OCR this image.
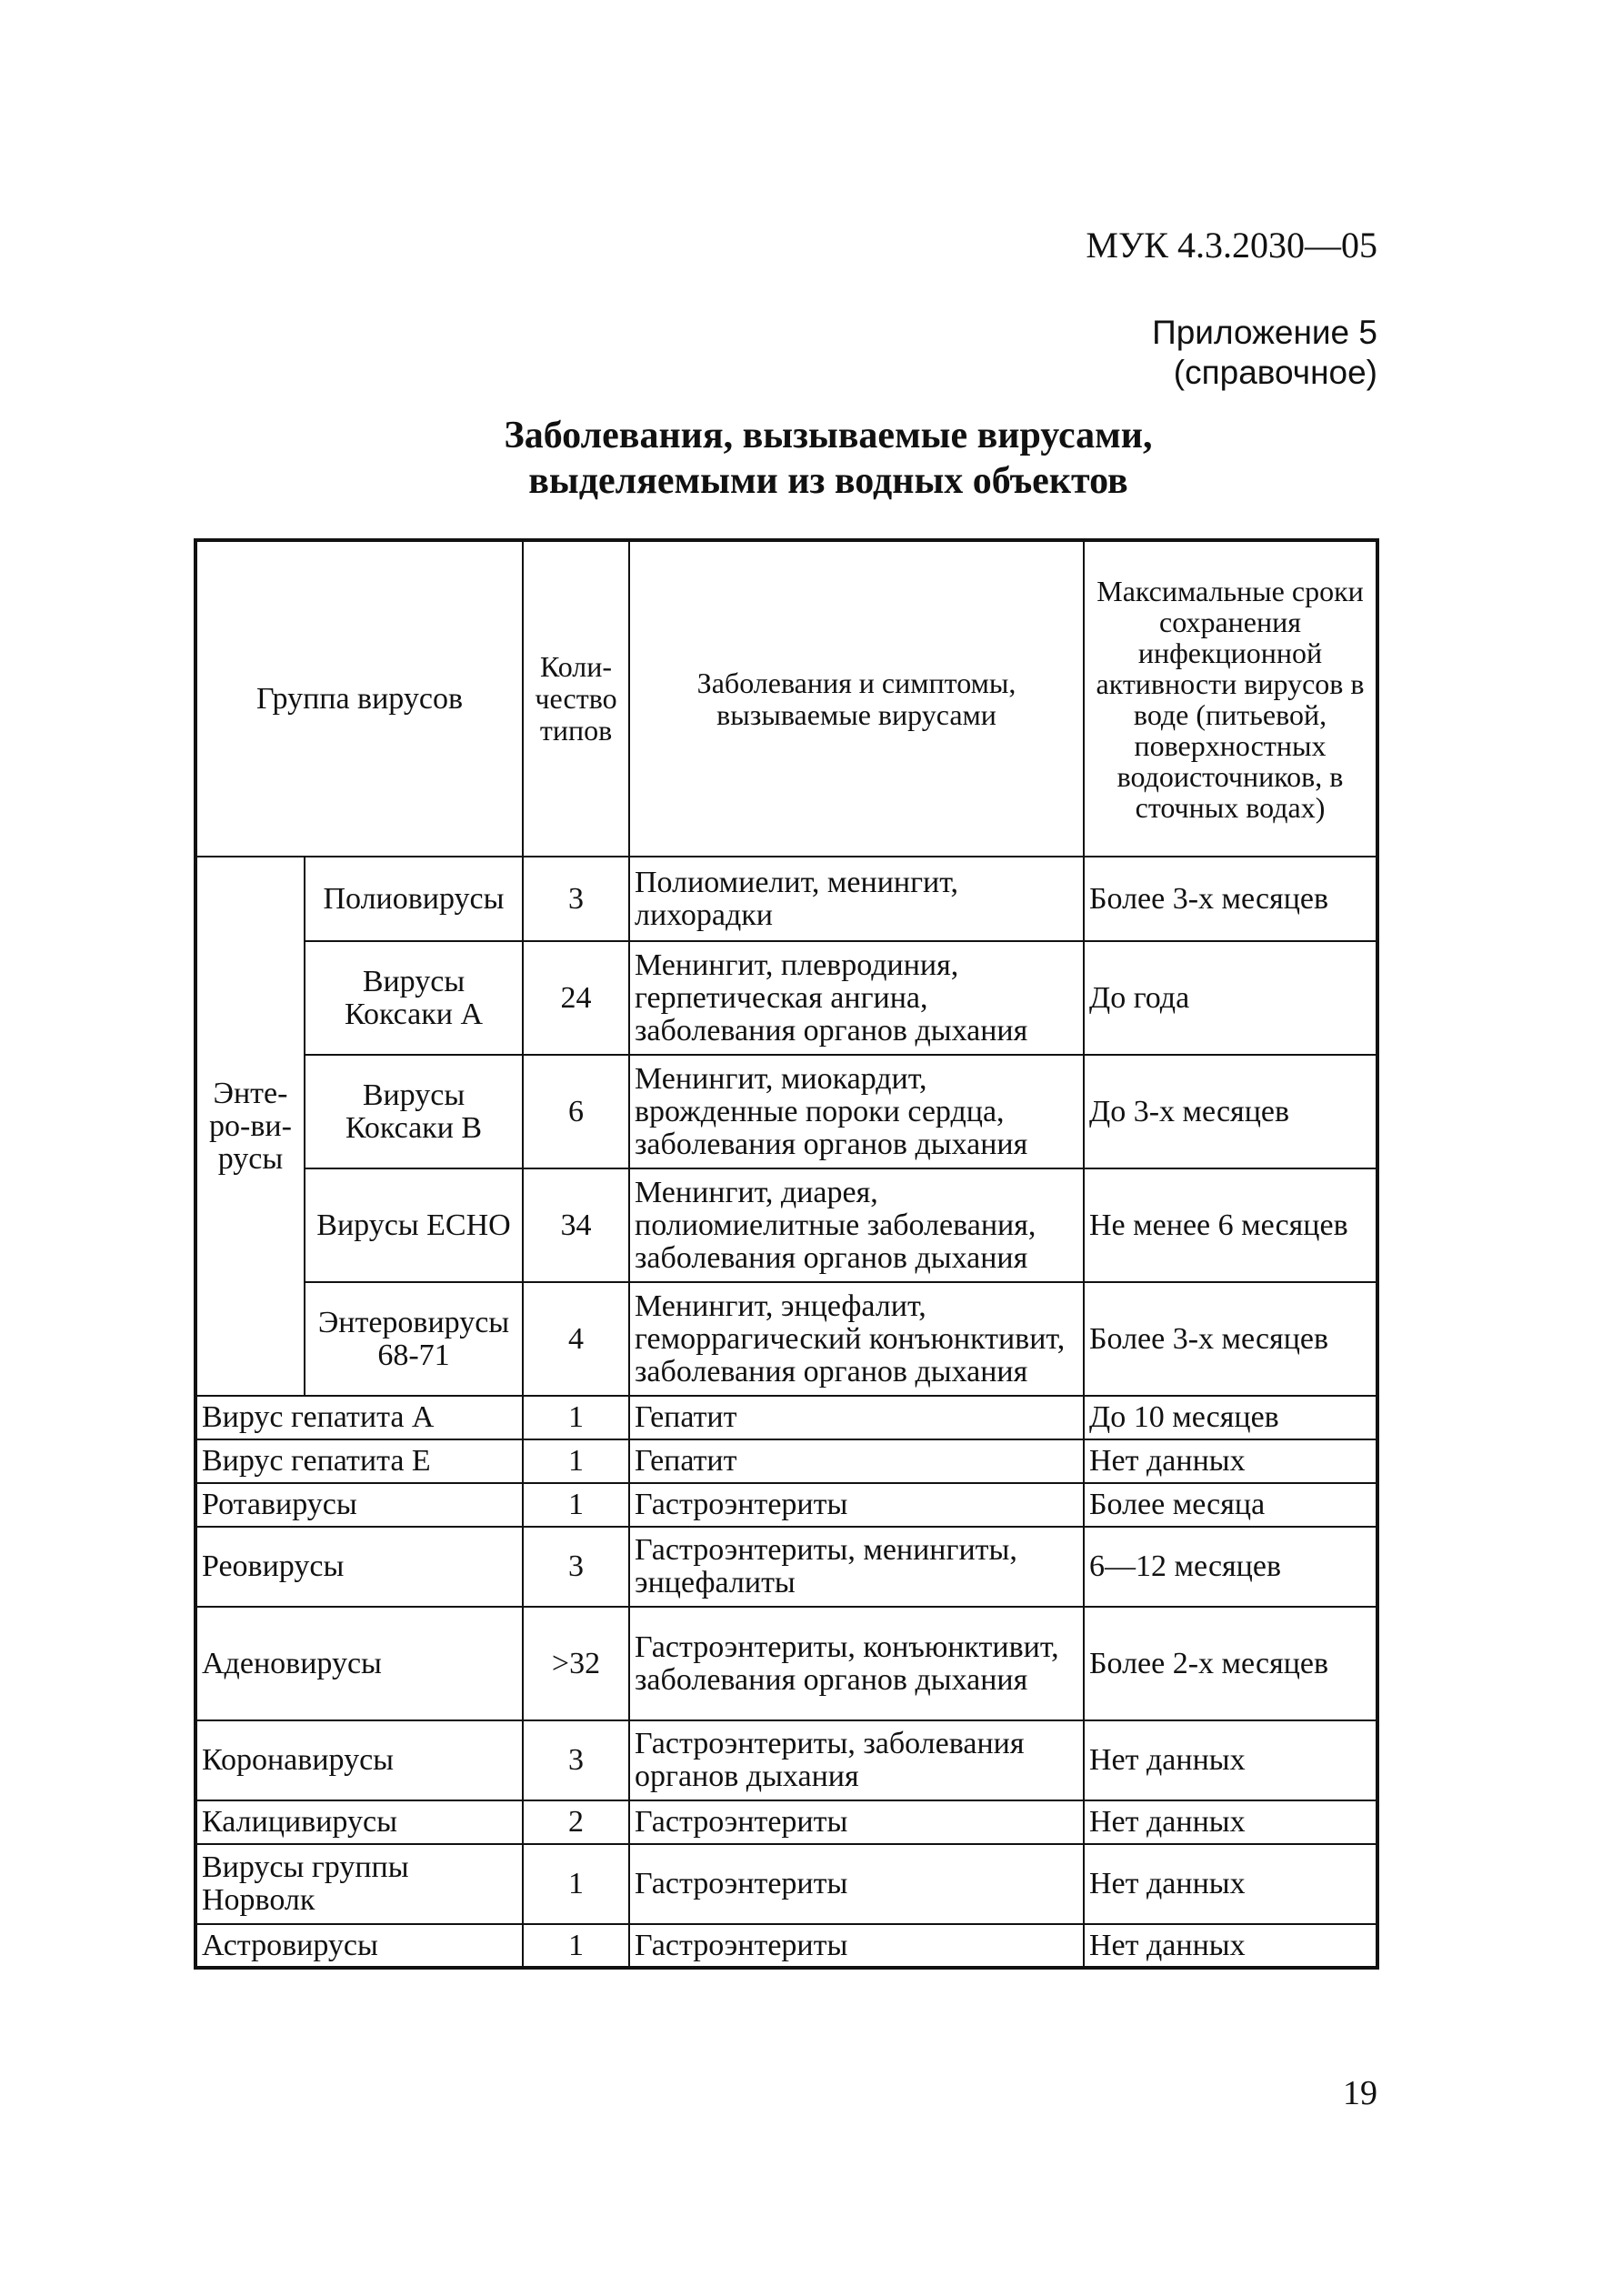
МУК 4.3.2030—05
Приложение 5
(справочное)
Заболевания, вызываемые вирусами,
выделяемыми из водных объектов
Группа вирусов		Коли-чество типов	Заболевания и симптомы, вызываемые вирусами	Максимальные сроки сохранения инфекционной активности вирусов в воде (питьевой, поверхностных водоисточников, в сточных водах)
Энте-ро-ви-русы	Полиовирусы	3	Полиомиелит, менингит, лихорадки	Более 3-х месяцев
	Вирусы Коксаки А	24	Менингит, плевродиния, герпетическая ангина, заболевания органов дыхания	До года
	Вирусы Коксаки В	6	Менингит, миокардит, врожденные пороки сердца, заболевания органов дыхания	До 3-х месяцев
	Вирусы ЕСНО	34	Менингит, диарея, полиомиелитные заболевания, заболевания органов дыхания	Не менее 6 месяцев
	Энтеровирусы 68-71	4	Менингит, энцефалит, геморрагический конъюнктивит, заболевания органов дыхания	Более 3-х месяцев
Вирус гепатита А		1	Гепатит	До 10 месяцев
Вирус гепатита Е		1	Гепатит	Нет данных
Ротавирусы		1	Гастроэнтериты	Более месяца
Реовирусы		3	Гастроэнтериты, менингиты, энцефалиты	6—12 месяцев
Аденовирусы		>32	Гастроэнтериты, конъюнктивит, заболевания органов дыхания	Более 2-х месяцев
Коронавирусы		3	Гастроэнтериты, заболевания органов дыхания	Нет данных
Калицивирусы		2	Гастроэнтериты	Нет данных
Вирусы группы Норволк		1	Гастроэнтериты	Нет данных
Астровирусы		1	Гастроэнтериты	Нет данных
19
